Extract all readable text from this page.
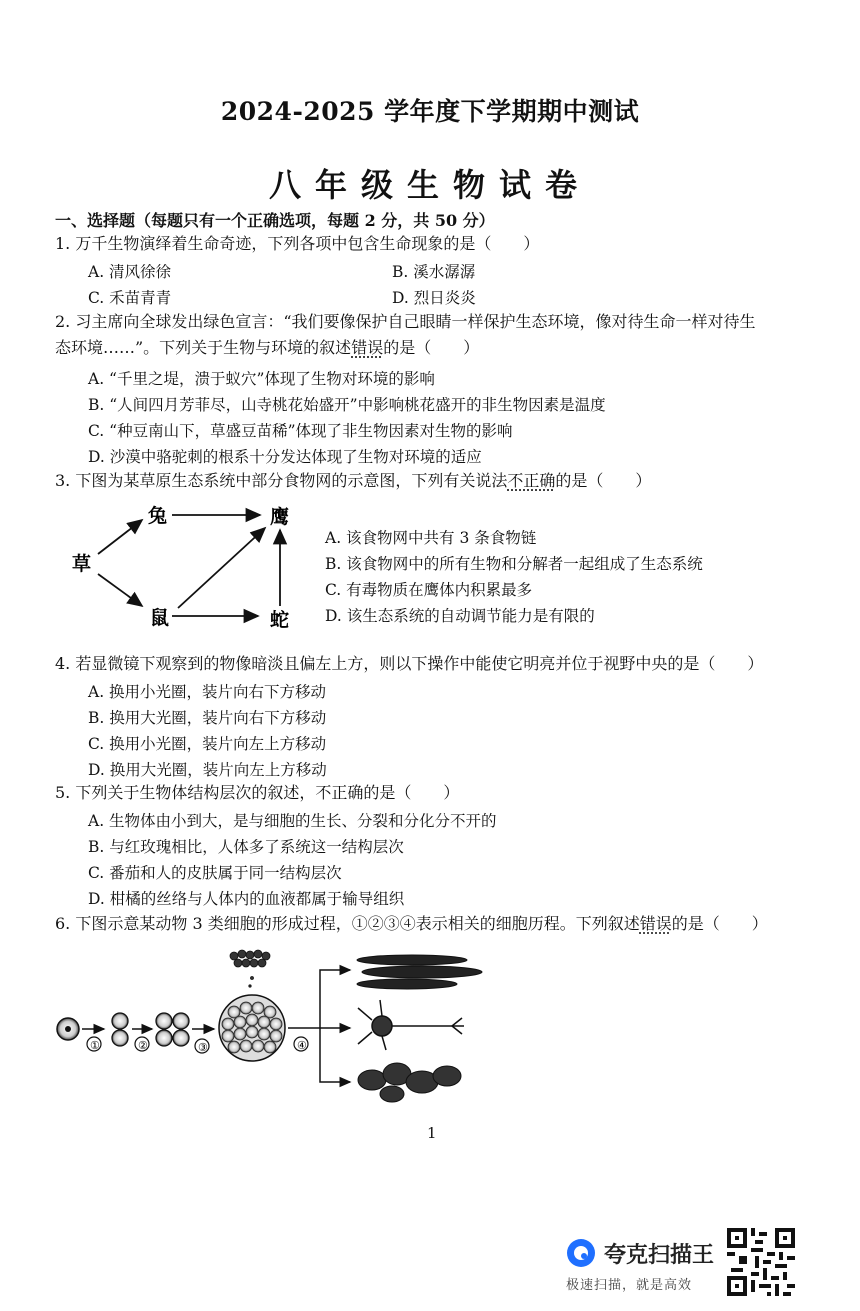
2024-2025 学年度下学期期中测试
八年级生物试卷
一、选择题（每题只有一个正确选项，每题 2 分，共 50 分）
1. 万千生物演绎着生命奇迹，下列各项中包含生命现象的是（　　）
A. 清风徐徐	B. 溪水潺潺
C. 禾苗青青	D. 烈日炎炎
2. 习主席向全球发出绿色宣言：“我们要像保护自己眼睛一样保护生态环境，像对待生命一样对待生
态环境……”。下列关于生物与环境的叙述错误的是（　　）
A. “千里之堤，溃于蚁穴”体现了生物对环境的影响
B. “人间四月芳菲尽，山寺桃花始盛开”中影响桃花盛开的非生物因素是温度
C. “种豆南山下，草盛豆苗稀”体现了非生物因素对生物的影响
D. 沙漠中骆驼刺的根系十分发达体现了生物对环境的适应
3. 下图为某草原生态系统中部分食物网的示意图，下列有关说法不正确的是（　　）
草
兔	鹰
鼠	蛇
A. 该食物网中共有 3 条食物链
B. 该食物网中的所有生物和分解者一起组成了生态系统
C. 有毒物质在鹰体内积累最多
D. 该生态系统的自动调节能力是有限的
4. 若显微镜下观察到的物像暗淡且偏左上方，则以下操作中能使它明亮并位于视野中央的是（　　）
A. 换用小光圈，装片向右下方移动
B. 换用大光圈，装片向右下方移动
C. 换用小光圈，装片向左上方移动
D. 换用大光圈，装片向左上方移动
5. 下列关于生物体结构层次的叙述，不正确的是（　　）
A. 生物体由小到大，是与细胞的生长、分裂和分化分不开的
B. 与红玫瑰相比，人体多了系统这一结构层次
C. 番茄和人的皮肤属于同一结构层次
D. 柑橘的丝络与人体内的血液都属于输导组织
6. 下图示意某动物 3 类细胞的形成过程，①②③④表示相关的细胞历程。下列叙述错误的是（　　）
①	②	③	④
1
夸克扫描王
极速扫描，就是高效
